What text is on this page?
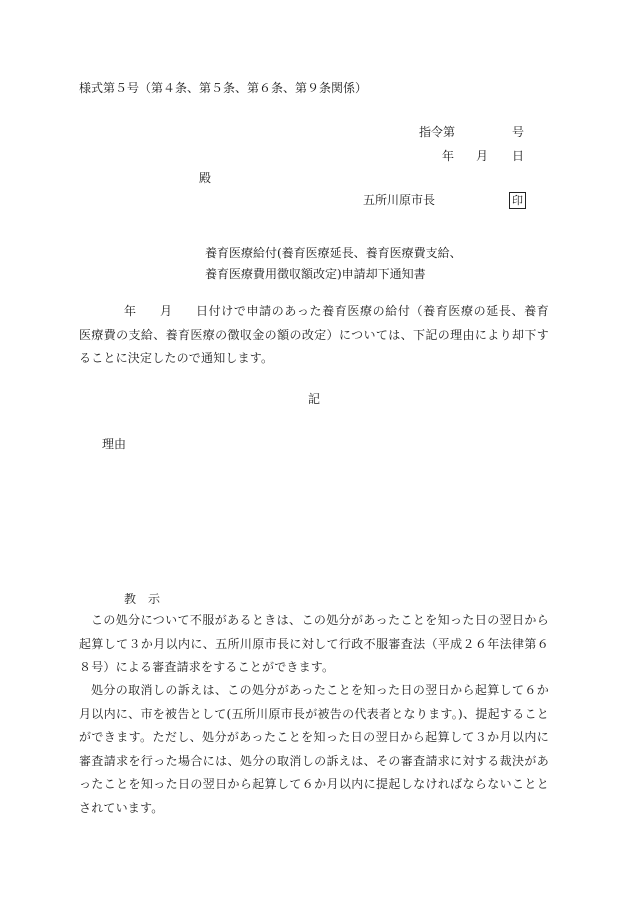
様式第５号（第４条、第５条、第６条、第９条関係）
指令第	号
年 月 日
殿
五所川原市長	印
養育医療給付(養育医療延長、養育医療費支給、
養育医療費用徴収額改定)申請却下通知書
年 月	日付けで申請のあった養育医療の給付（養育医療の延長、養育医療費の支給、養育医療の徴収金の額の改定）については、下記の理由により却下することに決定したので通知します。
記
理由
教　示
この処分について不服があるときは、この処分があったことを知った日の翌日から起算して３か月以内に、五所川原市長に対して行政不服審査法（平成２６年法律第６８号）による審査請求をすることができます。
処分の取消しの訴えは、この処分があったことを知った日の翌日から起算して６か月以内に、市を被告として(五所川原市長が被告の代表者となります。)、提起することができます。ただし、処分があったことを知った日の翌日から起算して３か月以内に審査請求を行った場合には、処分の取消しの訴えは、その審査請求に対する裁決があったことを知った日の翌日から起算して６か月以内に提起しなければならないこととされています。
